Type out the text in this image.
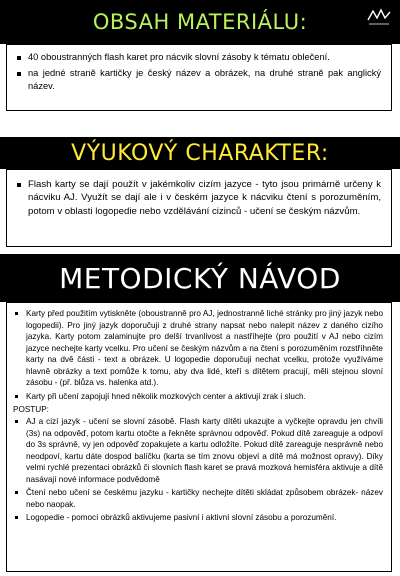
OBSAH MATERIÁLU:
40 oboustranných flash karet pro nácvik slovní zásoby k tématu oblečení.
na jedné straně kartičky je český název a obrázek, na druhé straně pak anglický název.
VÝUKOVÝ CHARAKTER:
Flash karty se dají použít v jakémkoliv cizím jazyce - tyto jsou primárně určeny k nácviku AJ. Využít se dají ale i v českém jazyce k nácviku čtení s porozuměním, potom v oblasti logopedie nebo vzdělávání cizinců - učení se českým názvům.
METODICKÝ NÁVOD
Karty před použitím vytiskněte (oboustranně pro AJ, jednostranně liché stránky pro jiný jazyk nebo logopedii). Pro jiný jazyk doporučuji z druhé strany napsat nebo nalepit název z daného cizího jazyka. Karty potom zalaminujte pro delší trvanlivost a nastříhejte (pro použití v AJ nebo cizím jazyce nechejte karty vcelku. Pro učení se českým názvům a na čtení s porozuměním rozstříhněte karty na dvě části - text a obrázek. U logopedie doporučuji nechat vcelku, protože využíváme hlavně obrázky a text pomůže k tomu, aby dva lidé, kteří s dítětem pracují, měli stejnou slovní zásobu - (př. blůza vs. halenka atd.).
Karty při učení zapojují hned několik mozkových center a aktivují zrak i sluch.
POSTUP:
AJ a cizí jazyk - učení se slovní zásobě. Flash karty dítěti ukazujte a vyčkejte opravdu jen chvíli (3s) na odpověď, potom kartu otočte a řekněte správnou odpověď. Pokud dítě zareaguje a odpoví do 3s správně, vy jen odpověď zopakujete a kartu odložíte. Pokud dítě zareaguje nesprávně nebo neodpoví, kartu dáte dospod balíčku (karta se tím znovu objeví a dítě má možnost opravy). Díky velmi rychlé prezentaci obrázků či slovních flash karet se pravá mozková hemisféra aktivuje a dítě nasávají nové informace podvědomě
Čtení nebo učení se českému jazyku - kartičky nechejte dítěti skládat způsobem obrázek- název nebo naopak.
Logopedie - pomocí obrázků aktivujeme pasivní i aktivní slovní zásobu a porozumění.
